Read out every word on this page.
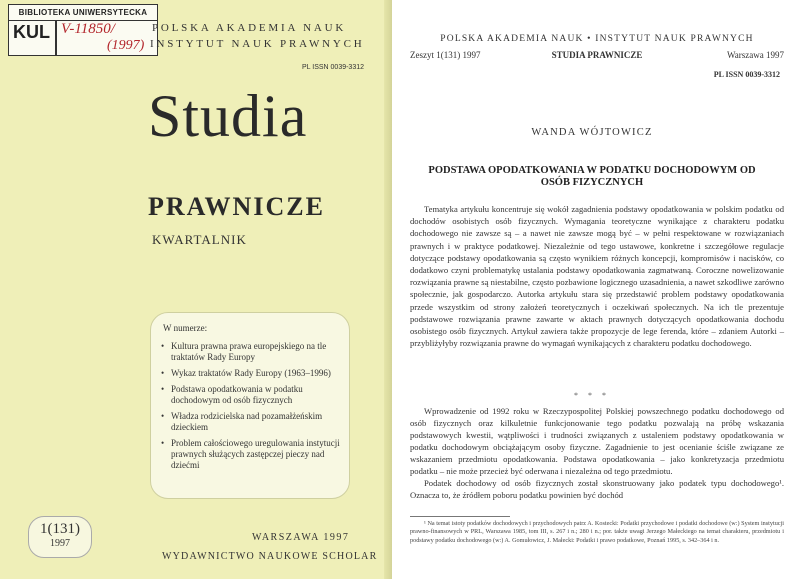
BIBLIOTEKA UNIWERSYTECKA
KUL V-11850/
(1997)
POLSKA AKADEMIA NAUK
INSTYTUT NAUK PRAWNYCH
PL ISSN 0039-3312
Studia
PRAWNICZE
KWARTALNIK
W numerze:
• Kultura prawna prawa europejskiego na tle traktatów Rady Europy
• Wykaz traktatów Rady Europy (1963–1996)
• Podstawa opodatkowania w podatku dochodowym od osób fizycznych
• Władza rodzicielska nad pozamałżeńskim dzieckiem
• Problem całościowego uregulowania instytucji prawnych służących zastępczej pieczy nad dziećmi
1(131)
1997
WARSZAWA 1997
WYDAWNICTWO NAUKOWE SCHOLAR
POLSKA AKADEMIA NAUK • INSTYTUT NAUK PRAWNYCH
STUDIA PRAWNICZE
Zeszyt 1(131) 1997	Warszawa 1997
PL ISSN 0039-3312
WANDA WÓJTOWICZ
PODSTAWA OPODATKOWANIA W PODATKU DOCHODOWYM OD OSÓB FIZYCZNYCH

Tematyka artykułu koncentruje się wokół zagadnienia podstawy opodatkowania w polskim podatku od dochodów osobistych osób fizycznych. Wymagania teoretyczne wynikające z charakteru podatku dochodowego nie zawsze są – a nawet nie zawsze mogą być – w pełni respektowane w rozwiązaniach prawnych i w praktyce podatkowej. Niezależnie od tego ustawowe, konkretne i szczegółowe regulacje dotyczące podstawy opodatkowania są często wynikiem różnych koncepcji, kompromisów i nacisków, co dodatkowo czyni problematykę ustalania podstawy opodatkowania zagmatwaną. Coroczne nowelizowanie rozwiązania prawne są niestabilne, często pozbawione logicznego uzasadnienia, a nawet szkodliwe zarówno społecznie, jak gospodarczo. Autorka artykułu stara się przedstawić problem podstawy opodatkowania przede wszystkim od strony założeń teoretycznych i oczekiwań społecznych. Na ich tle prezentuje podstawowe rozwiązania prawne zawarte w aktach prawnych dotyczących opodatkowania dochodu osobistego osób fizycznych. Artykuł zawiera także propozycje de lege ferenda, które – zdaniem Autorki – przybliżyłyby rozwiązania prawne do wymagań wynikających z charakteru podatku dochodowego.

* * *

Wprowadzenie od 1992 roku w Rzeczypospolitej Polskiej powszechnego podatku dochodowego od osób fizycznych oraz kilkuletnie funkcjonowanie tego podatku pozwalają na próbę wskazania podstawowych kwestii, wątpliwości i trudności związanych z ustaleniem podstawy opodatkowania w podatku dochodowym obciążającym osoby fizyczne. Zagadnienie to jest ocenianie ściśle związane ze wskazaniem przedmiotu opodatkowania. Podstawa opodatkowania – jako konkretyzacja przedmiotu podatku – nie może przecież być oderwana i niezależna od tego przedmiotu.

Podatek dochodowy od osób fizycznych został skonstruowany jako podatek typu dochodowego¹. Oznacza to, że źródłem poboru podatku powinien być dochód

¹ Na temat istoty podatków dochodowych i przychodowych patrz A. Kostecki: Podatki przychodowe i podatki dochodowe (w:) System instytucji prawno-finansowych w PRL, Warszawa 1985, tom III, s. 267 i n.; 280 i n.; por. także uwagi Jerzego Małeckiego na temat charakteru, przedmiotu i podstawy podatku dochodowego (w:) A. Gomułowicz, J. Małecki: Podatki i prawo podatkowe, Poznań 1995, s. 342–364 i n.
